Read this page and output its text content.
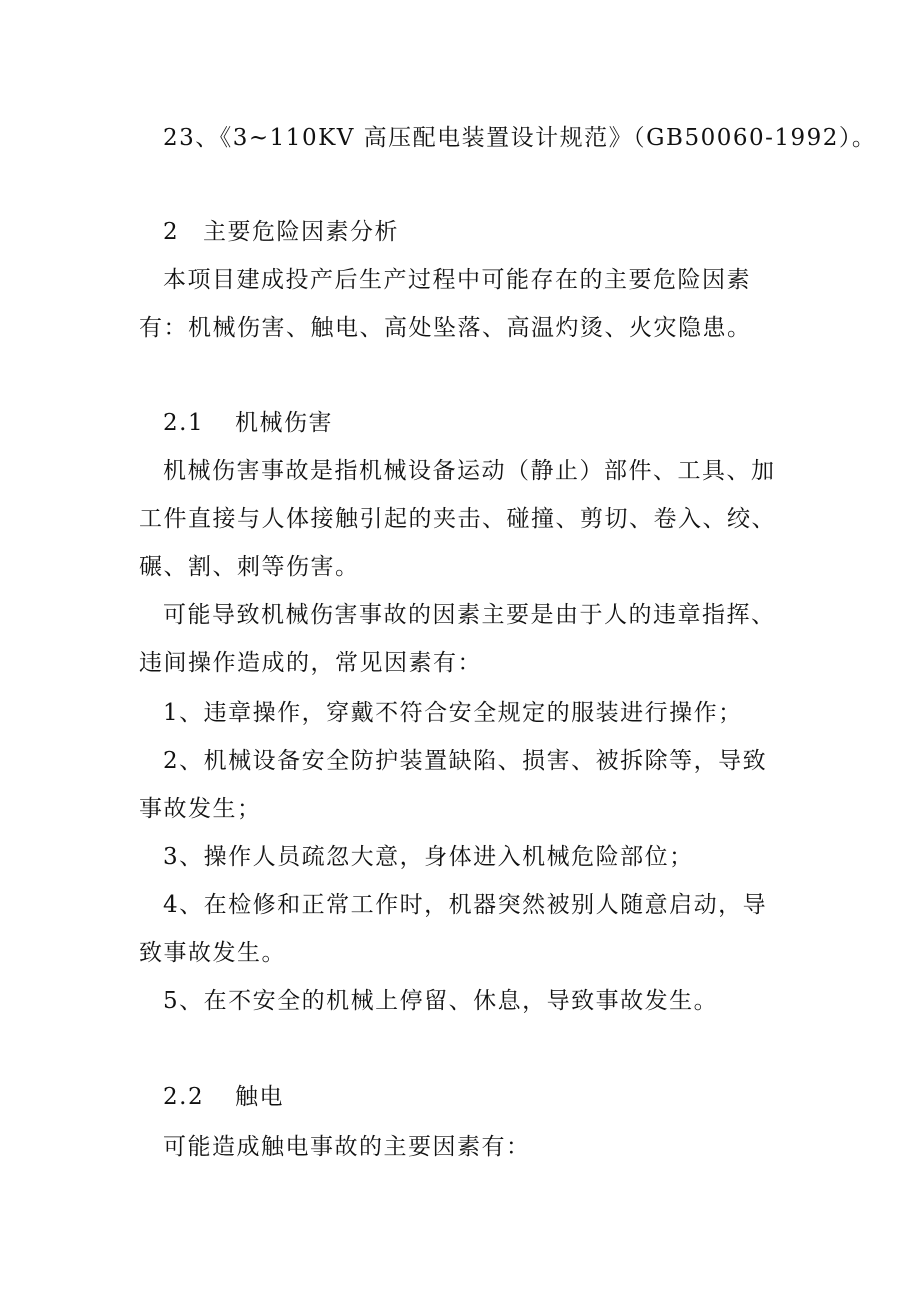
23、《3~110KV 高压配电装置设计规范》（GB50060-1992）。
2 主要危险因素分析
本项目建成投产后生产过程中可能存在的主要危险因素
有：机械伤害、触电、高处坠落、高温灼烫、火灾隐患。
2.1 机械伤害
机械伤害事故是指机械设备运动（静止）部件、工具、加
工件直接与人体接触引起的夹击、碰撞、剪切、卷入、绞、
碾、割、刺等伤害。
可能导致机械伤害事故的因素主要是由于人的违章指挥、
违间操作造成的，常见因素有：
1、违章操作，穿戴不符合安全规定的服装进行操作；
2、机械设备安全防护装置缺陷、损害、被拆除等，导致
事故发生；
3、操作人员疏忽大意，身体进入机械危险部位；
4、在检修和正常工作时，机器突然被别人随意启动，导
致事故发生。
5、在不安全的机械上停留、休息，导致事故发生。
2.2 触电
可能造成触电事故的主要因素有：
